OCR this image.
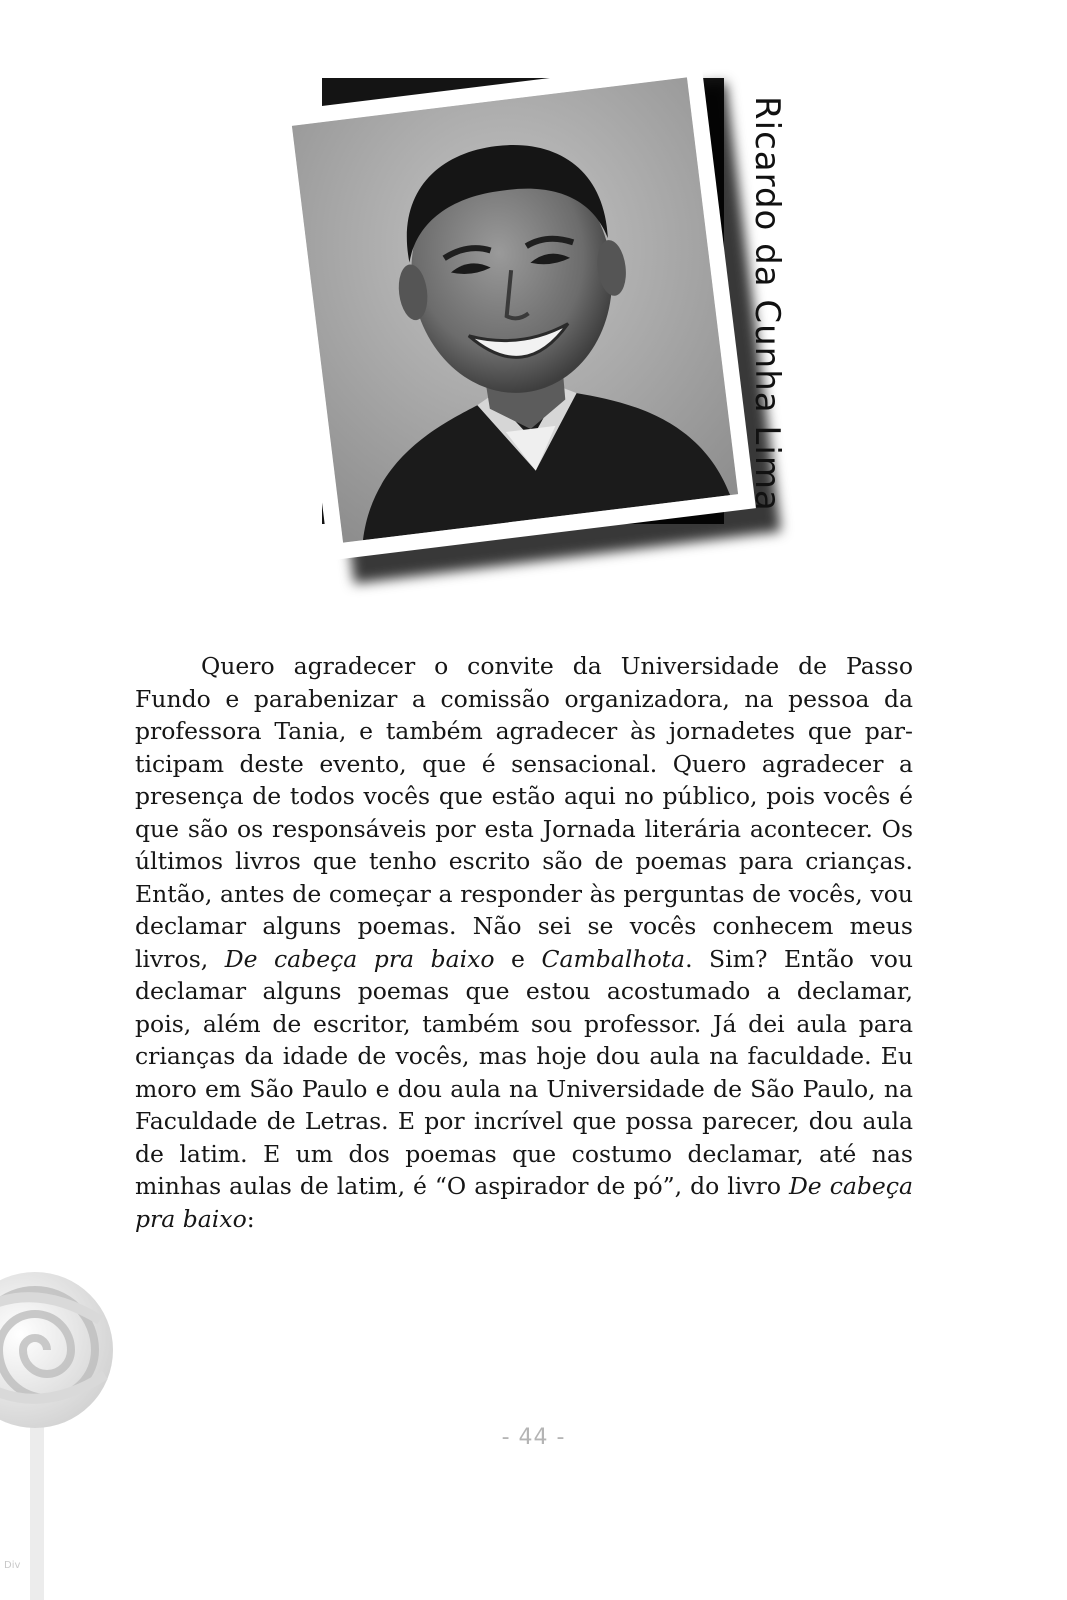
Ricardo da Cunha Lima

Quero agradecer o convite da Universidade de Passo Fundo e parabenizar a comissão organizadora, na pessoa da professora Tania, e também agradecer às jornadetes que participam deste evento, que é sensacional. Quero agradecer a presença de todos vocês que estão aqui no público, pois vocês é que são os responsáveis por esta Jornada literária acontecer. Os últimos livros que tenho escrito são de poemas para crianças. Então, antes de começar a responder às perguntas de vocês, vou declamar alguns poemas. Não sei se vocês conhecem meus livros, De cabeça pra baixo e Cambalhota. Sim? Então vou declamar alguns poemas que estou acostumado a declamar, pois, além de escritor, também sou professor. Já dei aula para crianças da idade de vocês, mas hoje dou aula na faculdade. Eu moro em São Paulo e dou aula na Universidade de São Paulo, na Faculdade de Letras. E por incrível que possa parecer, dou aula de latim. E um dos poemas que costumo declamar, até nas minhas aulas de latim, é “O aspirador de pó”, do livro De cabeça pra baixo:

Div
- 44 -
